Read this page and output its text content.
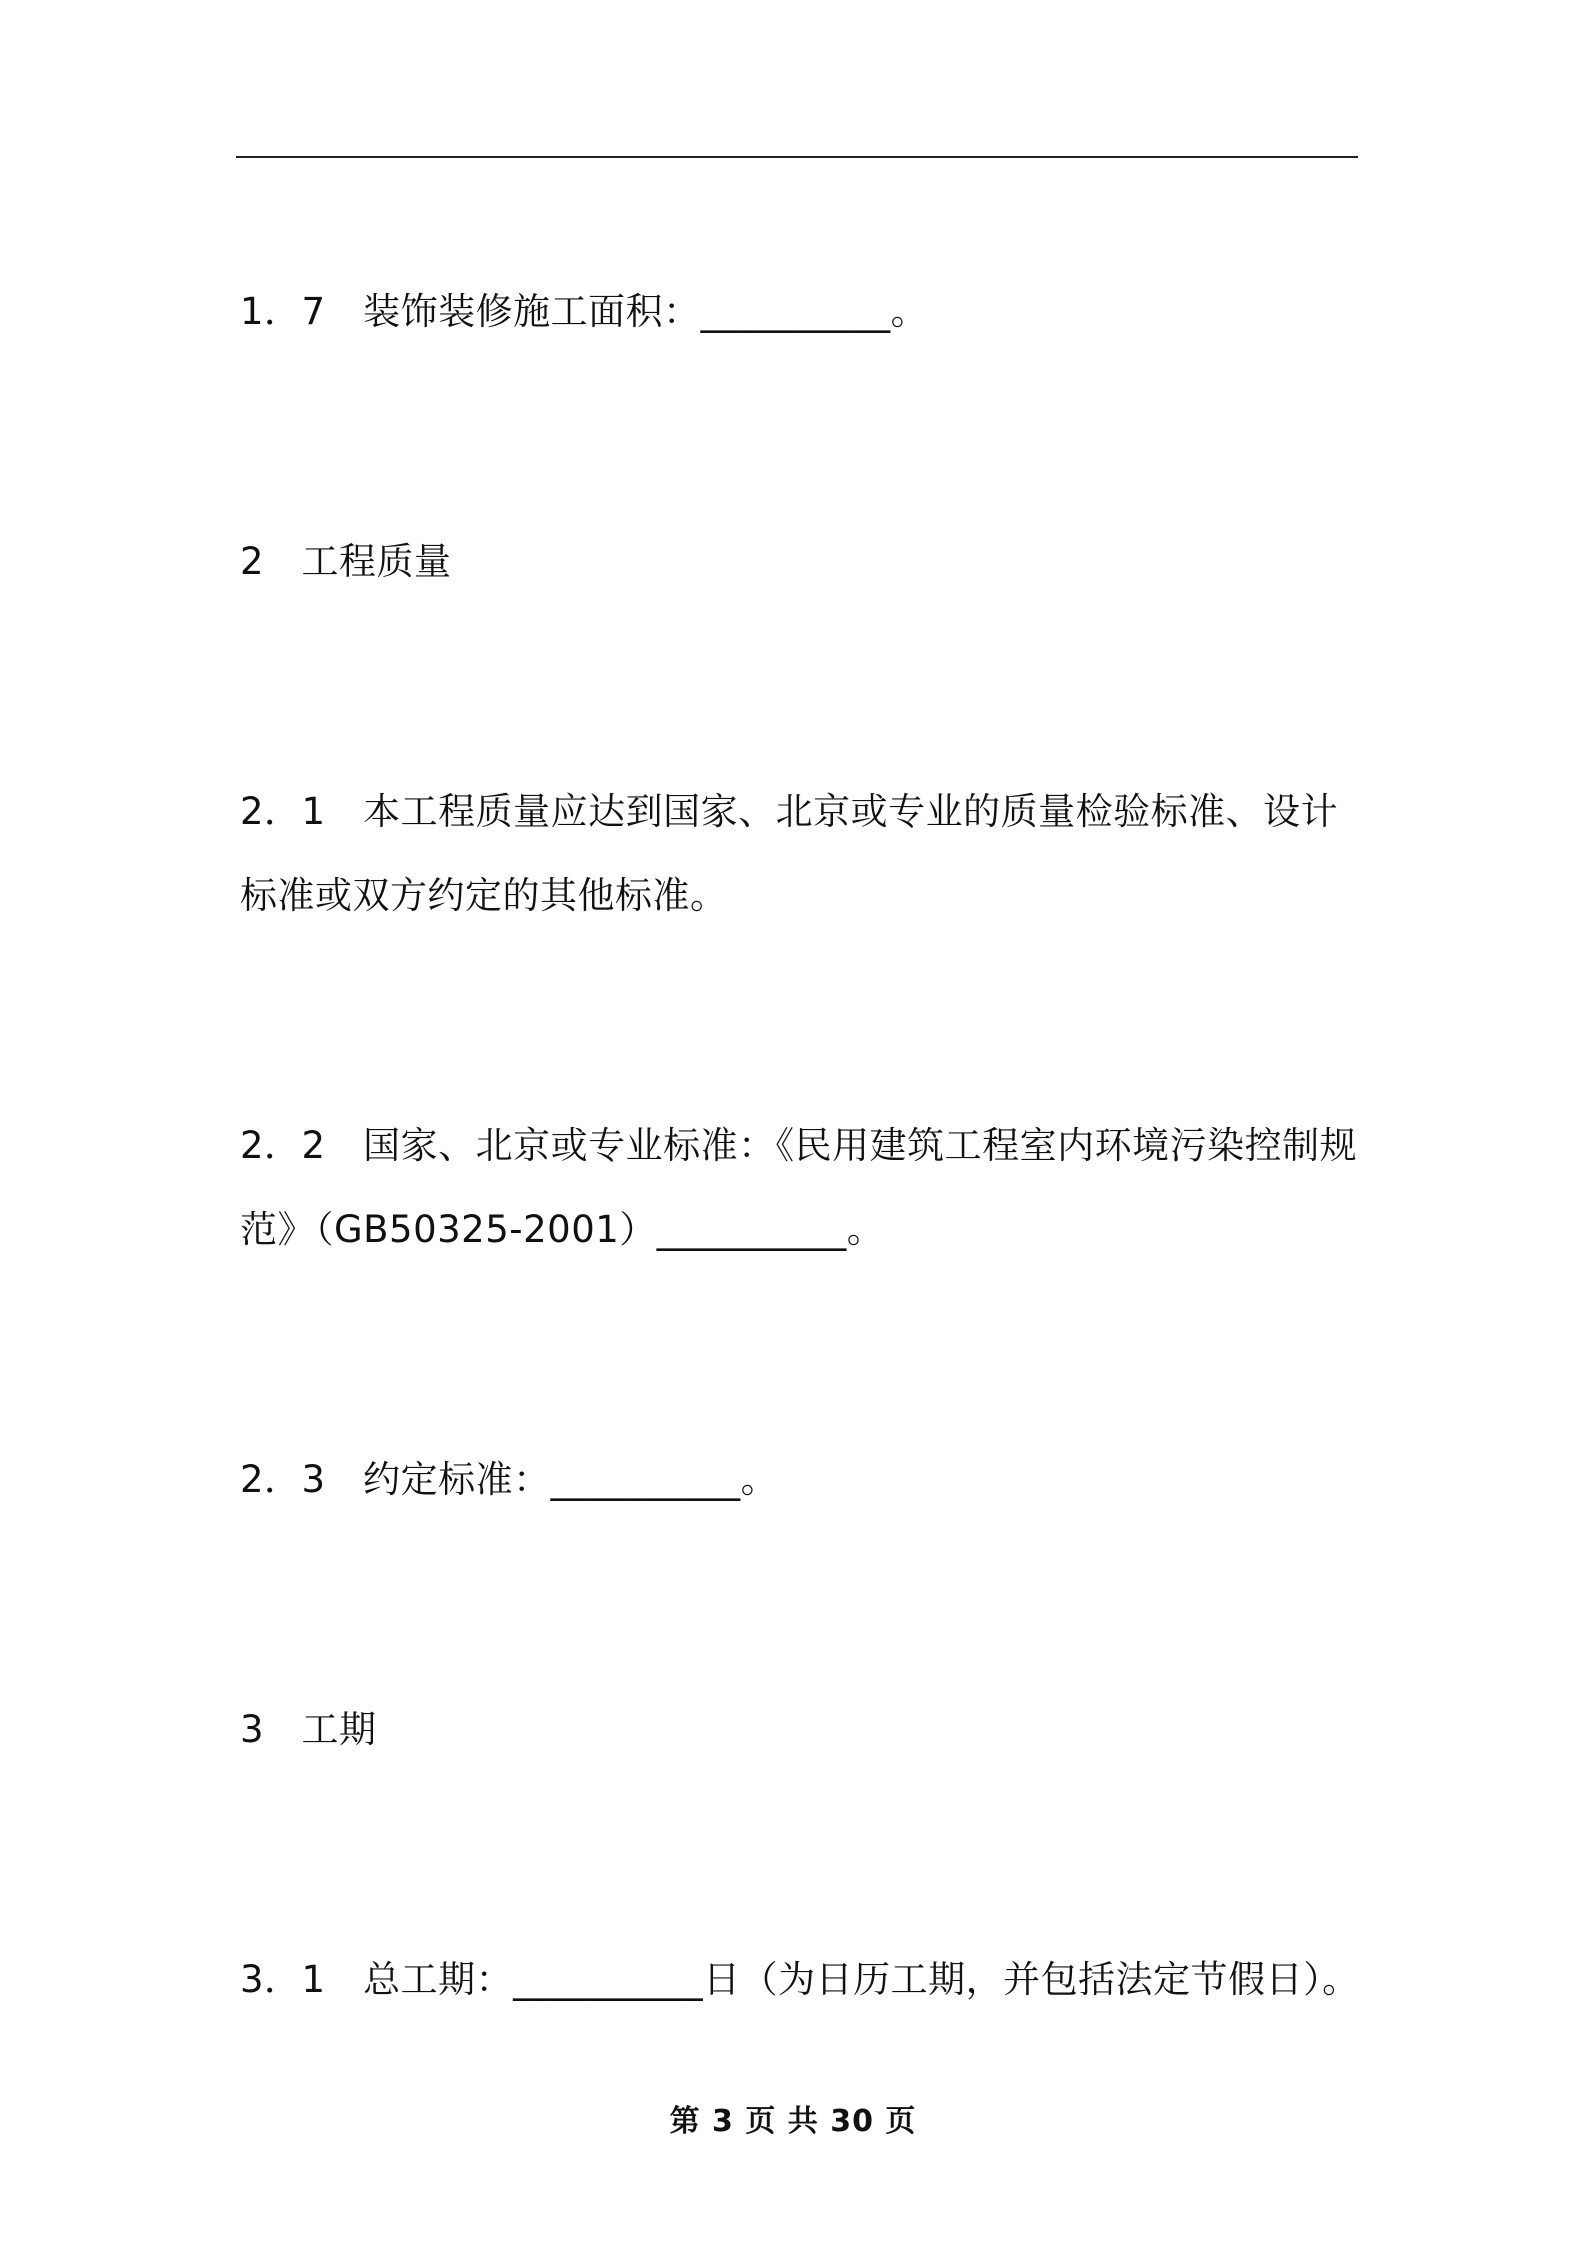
1．7　装饰装修施工面积：__________。
2　工程质量
2．1　本工程质量应达到国家、北京或专业的质量检验标准、设计
标准或双方约定的其他标准。
2．2　国家、北京或专业标准：《民用建筑工程室内环境污染控制规
范》（GB50325-2001）__________。
2．3　约定标准：__________。
3　工期
3．1　总工期：__________日（为日历工期，并包括法定节假日）。
第 3 页 共 30 页
